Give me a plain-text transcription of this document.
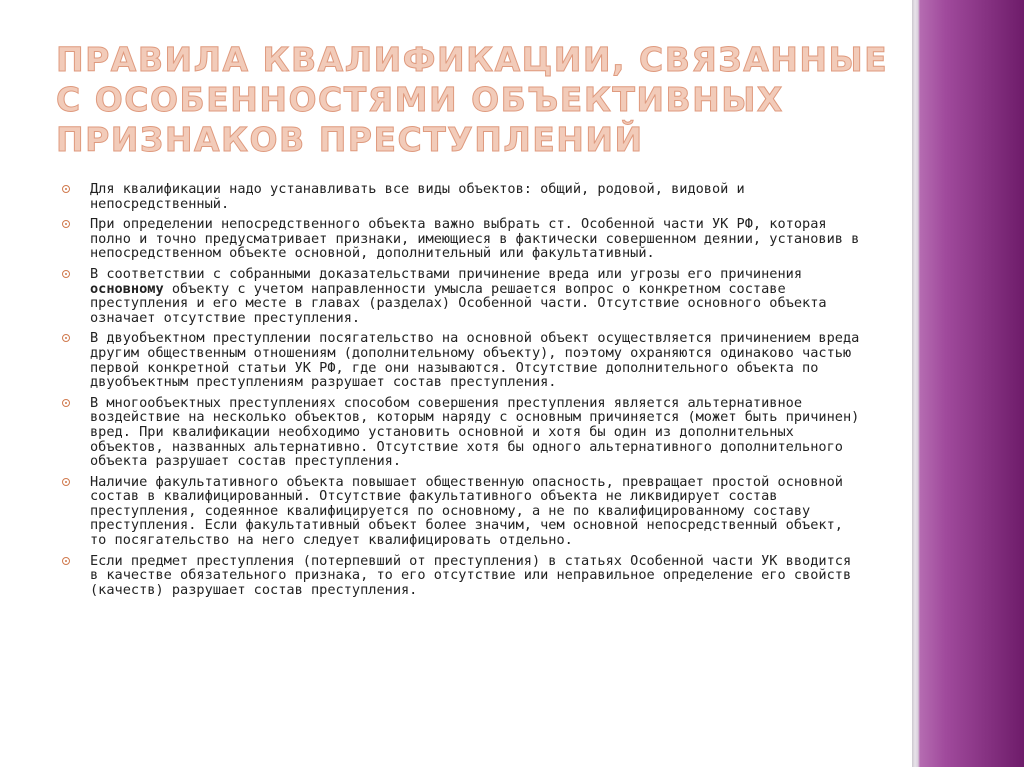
ПРАВИЛА КВАЛИФИКАЦИИ, СВЯЗАННЫЕ С ОСОБЕННОСТЯМИ ОБЪЕКТИВНЫХ ПРИЗНАКОВ ПРЕСТУПЛЕНИЙ
Для квалификации надо устанавливать все виды объектов: общий, родовой, видовой и непосредственный.
При определении непосредственного объекта важно выбрать ст. Особенной части УК РФ, которая полно и точно предусматривает признаки, имеющиеся в фактически совершенном деянии, установив в непосредственном объекте основной, дополнительный или факультативный.
В соответствии с собранными доказательствами причинение вреда или угрозы его причинения основному объекту с учетом направленности умысла решается вопрос о конкретном составе преступления и его месте в главах (разделах) Особенной части. Отсутствие основного объекта означает отсутствие преступления.
В двуобъектном преступлении посягательство на основной объект осуществляется причинением вреда другим общественным отношениям (дополнительному объекту), поэтому охраняются одинаково частью первой конкретной статьи УК РФ, где они называются. Отсутствие дополнительного объекта по двуобъектным преступлениям разрушает состав преступления.
В многообъектных преступлениях способом совершения преступления является альтернативное воздействие на несколько объектов, которым наряду с основным причиняется (может быть причинен) вред. При квалификации необходимо установить основной и хотя бы один из дополнительных объектов, названных альтернативно. Отсутствие хотя бы одного альтернативного дополнительного объекта разрушает состав преступления.
Наличие факультативного объекта повышает общественную опасность, превращает простой основной состав в квалифицированный. Отсутствие факультативного объекта не ликвидирует состав преступления, содеянное квалифицируется по основному, а не по квалифицированному составу преступления. Если факультативный объект более значим, чем основной непосредственный объект, то посягательство на него следует квалифицировать отдельно.
Если предмет преступления (потерпевший от преступления) в статьях Особенной части УК вводится в качестве обязательного признака, то его отсутствие или неправильное определение его свойств (качеств) разрушает состав преступления.
